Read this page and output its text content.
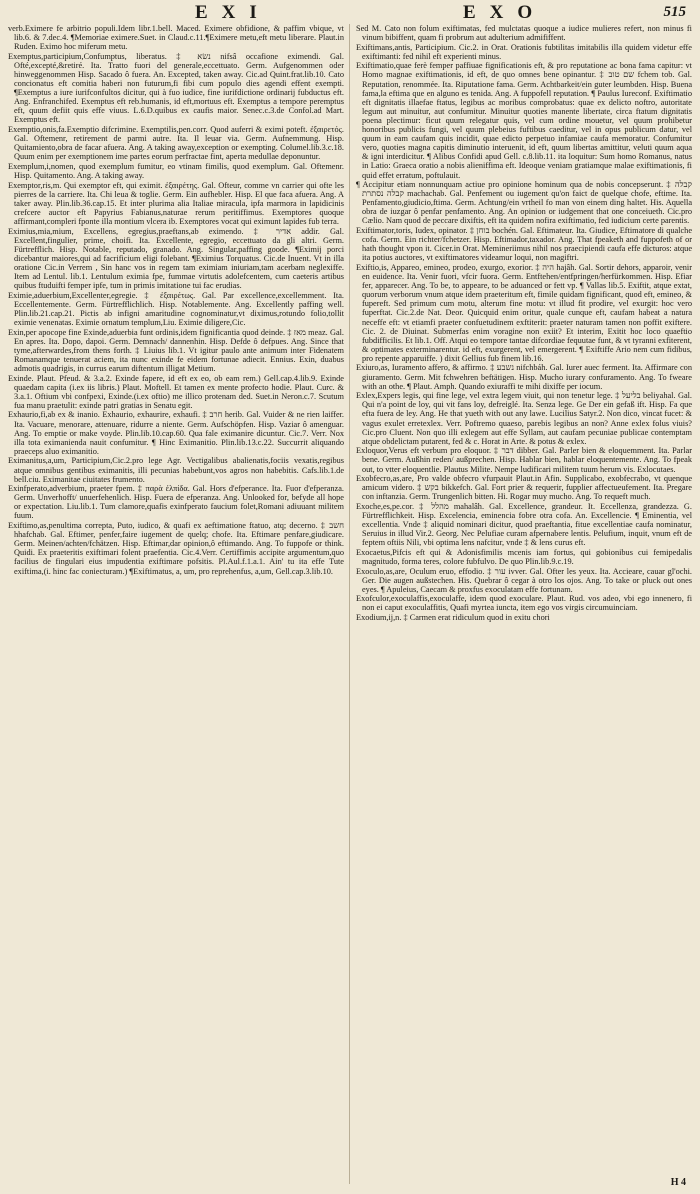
EXI	EXO	515

verb.Eximere fe arbitrio populi.Idem libr.1.bell. Maced. Eximere obfidione, & paffim vbique, vt lib.6. & 7.dec.4. ¶Memoriae eximere.Suet. in Claud.c.11.¶Eximere metu,eft metu liberare. Plaut.in Ruden. Eximo hoc miferum metu.

Exemptus,participium,Confumptus, liberatus. ‡ נשׂא nifsâ occafione eximendi. Gal. Ofté,excepté,&retiré. Ita. Tratto fuori del generale,eccettuato. Germ. Aufgenommen oder hinweggenommen Hisp. Sacado ô fuera. An. Excepted, taken away. Cic.ad Quint.frat.lib.10. Cato concionatus eft comitia haberi non futurum,fi fibi cum populo dies agendi effent exempti. ¶Exemptus a iure iurifconfultos dicitur, qui à fuo iudice, fine iurifdictione ordinarij fubductus eft. Ang. Enfranchifed. Exemptus eft reb.humanis, id eft,mortuus eft. Exemptus a tempore peremptus eft, quum defiit quis effe viuus. L.6.D.quibus ex caufis maior. Senec.c.3.de Confol.ad Mart. Exemptus eft.

Exemptio,onis,fa.Exemptio difcrimine. Exemptilis,pen.corr. Quod auferri & eximi poteft. ἐξαιρετός. Gal. Oftemenr, retirement de parmi autre. Ita. Il leuar via. Germ. Aufnemmung. Hisp. Quitamiento,obra de facar afuera. Ang. A taking away,exception or exempting. Columel.lib.3.c.18. Quum enim per exemptionem ime partes eorum perfractae fint, aperta medullae deponuntur.

Exemplum,i,nomen, quod exemplum fumitur, eo vtinam fimilis, quod exemplum. Gal. Oftemenr. Hisp. Quitamento. Ang. A taking away.

Exemptor,ris,m. Qui exemptor eft, qui eximit. ἐξαιρέτης. Gal. Ofteur, comme vn carrier qui ofte les pierres de la carriere. Ita. Chi leua & toglie. Germ. Ein aufhebler. Hisp. El que faca afuera. Ang. A taker away. Plin.lib.36.cap.15. Et inter plurima alia Italiae miracula, ipfa marmora in lapidicinis crefcere auctor eft Papyrius Fabianus,naturae rerum peritiffimus. Exemptores quoque affirmant,compleri fponte illa montium vlcera ib. Exemptores vocat qui eximunt lapides fub terra.

Eximius,mia,mium, Excellens, egregius,praeftans,ab eximendo. ‡ אדיר addir. Gal. Excellent,fingulier, prime, choifi. Ita. Excellente, egregio, eccettuato da gli altri. Germ. Fürtrefflich. Hisp. Notable, reputado, granado. Ang. Singular,paffing goode. ¶Eximij porci dicebantur maiores,qui ad facrificium eligi folebant. ¶Eximius Torquatus. Cic.de Inuent. Vt in illa oratione Cic.in Verrem , Sin hanc vos in regem tam eximiam iniuriam,tam acerbam neglexiffe. Item ad Lentul. lib.1. Lentulum eximia fpe, fummae virtutis adolefcentem, cum caeteris artibus quibus ftuduifti femper ipfe, tum in primis imitatione tui fac erudias.

Eximie,aduerbium,Excellenter,egregie. ‡ ἐξαιρέτως. Gal. Par excellence,excellemment. Ita. Eccellentemente. Germ. Fürtrefflichlich. Hisp. Notablemente. Ang. Excellently paffing well. Plin.lib.21.cap.21. Pictis ab infigni amaritudine cognominatur,vt diximus,rotundo folio,tollit eximie venenatas. Eximie ornatum templum,Liu. Eximie diligere,Cic.

Exin,per apocope fine Exinde,aduerbia funt ordinis,idem fignificantia quod deinde. ‡ מאז meaz. Gal. En apres. Ita. Dopo, dapoi. Germ. Demnach/ dannenhin. Hisp. Defde ô defpues. Ang. Since that tyme,afterwardes,from thens forth. ‡ Liuius lib.1. Vt igitur paulo ante animum inter Fidenatem Romanamque tenuerat aciem, ita nunc exinde fe eidem fortunae adiecit. Ennius. Exin, duabus admotis quadrigis, in currus earum diftentum illigat Metium.

Exinde. Plaut. Pfeud. & 3.a.2. Exinde fapere, id eft ex eo, ob eam rem.) Gell.cap.4.lib.9. Exinde quaedam capita (i.ex iis libris.) Plaut. Moftell. Et tamen ex mente profecto hodie. Plaut. Curc. & 3.a.1. Oftium vbi confpexi, Exinde.(i.ex oftio) me illico protenam ded. Suet.in Neron.c.7. Scutum fua manu praetulit: exinde patri gratias in Senatu egit.

Exhaurio,fi,ab ex & inanio. Exhaurio, exhaurire, exhaufi. ‡ חרב herib. Gal. Vuider & ne rien laiffer. Ita. Vacuare, menorare, attenuare, ridurre a niente. Germ. Aufschöpfen. Hisp. Vaziar ô amenguar. Ang. To emptie or make voyde. Plin.lib.10.cap.60. Qua fale eximanire dicuntur. Cic.7. Verr. Nox illa tota eximanienda nauit confumitur. ¶ Hinc Eximanitio. Plin.lib.13.c.22. Succurrit aliquando praeceps aluo eximanitio.

Eximanitus,a,um, Participium,Cic.2.pro lege Agr. Vectigalibus abalienatis,fociis vexatis,regibus atque omnibus gentibus eximanitis, illi pecunias habebunt,vos agros non habebitis. Cafs.lib.1.de bell.ciu. Eximanitae ciuitates frumento.

Exinfperato,adverbium, praeter fpem. ‡ παρὰ ἐλπίδα. Gal. Hors d'efperance. Ita. Fuor d'efperanza. Germ. Unverhofft/ unuerfehenlich. Hisp. Fuera de efperanza. Ang. Unlooked for, befyde all hope or expectation. Liu.lib.1. Tum clamore,quafis exinfperato faucium folet,Romani adiuuant militem fuum.

Exiftimo,as,penultima correpta, Puto, iudico, & quafi ex aeftimatione ftatuo, atq; decerno. ‡ חשב hhafchab. Gal. Eftimer, penfer,faire iugement de quelq; chofe. Ita. Eftimare penfare,giudicare. Germ. Meinen/achten/fchätzen. Hisp. Eftimar,dar opinion,ô eftimando. Ang. To fuppofe or think. Quidi. Ex praeteritis exiftimari folent praefentia. Cic.4.Verr. Certiffimis accipite argumentum,quo facilius de fingulari eius impudentia exiftimare pofsitis. Pl.Aul.f.1.a.1. Ain' tu ita effe Tute exiftima,(i. hinc fac coniecturam.) ¶Exiftimatus, a, um, pro reprehenfus, a,um, Gell.cap.3.lib.10.

Sed M. Cato non folum exiftimatas, fed mulctatas quoque a iudice mulieres refert, non minus fi vinum bibiffent, quam fi probrum aut adulterium admififfent.

Exiftimans,antis, Participium. Cic.2. in Orat. Orationis fubtilitas imitabilis illa quidem videtur effe exiftimanti: fed nihil eft experienti minus.

Exiftimatio,quae ferè femper paffiuae fignificationis eft, & pro reputatione ac bona fama capitur: vt Homo magnae exiftimationis, id eft, de quo omnes bene opinantur. ‡ שם טוב fchem tob. Gal. Reputation, renommée. Ita. Riputatione fama. Germ. Achtbarkeit/ein guter leumbden. Hisp. Buena fama,la eftima que en alguno es tenida. Ang. A fuppofell reputation. ¶ Paulus Iureconf. Exiftimatio eft dignitatis illaefae ftatus, legibus ac moribus comprobatus: quae ex delicto noftro, autoritate legum aut minuitur, aut confumitur. Minuitur quoties manente libertate, circa ftatum dignitatis poena plectimur: ficut quum relegatur quis, vel cum ordine mouetur, vel quum prohibetur honoribus publicis fungi, vel quum plebeius fuftibus caeditur, vel in opus publicum datur, vel quum in eam caufam quis incidit, quae edicto perpetuo infamiae caufa memoratur. Confumitur vero, quoties magna capitis diminutio interuenit, id eft, quum libertas amittitur, veluti quum aqua & igni interdicitur. ¶ Alibus Confidi apud Gell. c.8.lib.11. ita loquitur: Sum homo Romanus, natus in Latio: Graeca oratio a nobis alieniffima eft. Ideoque veniam gratiamque malae exiftimationis, fi quid effet erratum, poftulauit.

¶ Accipitur etiam nonnunquam actiue pro opinione hominum qua de nobis concepserunt. ‡ קבלה קבלה נסתרת machachab. Gal. Penfement ou iugement qu'on faict de quelque chofe, eftime. Ita. Penfamento,giudicio,ftima. Germ. Achtung/ein vrtheil fo man von einem ding haltet. His. Aquella obra de iuzgar ô penfar penfamento. Ang. An opinion or iudgement that one conceiueth. Cic.pro Cælio. Nam quod de peccare dixiftis, eft ita quidem nofira exiftimatio, fed iudicium certe parentis.

Exiftimator,toris, Iudex, opinator. ‡ בוחן bochén. Gal. Eftimateur. Ita. Giudice, Eftimatore di qualche cofa. Germ. Ein richter/fchetzer. Hisp. Eftimador,taxador. Ang. That fpeaketh and fuppofeth of or hath thought vpon it. Cicer.in Orat. Memineriimus nihil nos praecipiendi caufa effe dicturos: atque ita potius auctores, vt exiftimatores videamur loqui, non magiftri.

Exiftio,is, Appareo, emineo, prodeo, exurgo, exorior. ‡ היה hajâh. Gal. Sortir dehors, apparoir, venir en euidence. Ita. Venir fuori, vfcir fuora. Germ. Entftehen/entfpringen/herfürkommen. Hisp. Efiar fer, apparecer. Ang. To be, to appeare, to be aduanced or fett vp. ¶ Vallas lib.5. Exiftit, atque extat, quorum verborum vnum atque idem praeteritum eft, fimile quidam fignificant, quod eft, emineo, & fupereft. Sed primum cum motu, alterum fine motu: vt illud fit prodire, vel exurgit: hoc vero fuperftat. Cic.2.de Nat. Deor. Quicquid enim oritur, quale cunque eft, caufam habeat a natura neceffe eft: vt etiamfi praeter confuetudinem exftiterit: praeter naturam tamen non poffit exiftere. Cic. 2. de Diuinat. Submerfas enim voragine non exiit? Et interim, Exitit hoc loco quaeftio fubdifficilis. Et lib.1. Off. Atqui eo tempore tantae difcordiae fequutae funt, & vt tyranni exfiterent, & optimates exterminarentur. id eft, exurgerent, vel emergerent. ¶ Exiftiffe Ario nem cum fidibus, pro repente apparuiffe. ) dixit Gellius fub finem lib.16.

Exiuro,as, Iuramento affero, & affirmo. ‡ נשבע nifchbáh. Gal. Iurer auec ferment. Ita. Affirmare con giuramento. Germ. Mit fchwehren beftätigen. Hisp. Mucho iurary confuramento. Ang. To fweare with an othe. ¶ Plaut. Amph. Quando exiuraffi te mihi dixiffe per iocum.

Exlex,Expers legis, qui fine lege, vel extra legem viuit, qui non tenetur lege. ‡ בליעל beliyahal. Gal. Qui n'a point de loy, qui vit fans loy, defreiglé. Ita. Senza lege. Ge Der ein gefaß ift. Hisp. Fa que efta fuera de ley. Ang. He that yueth with out any lawe. Lucilius Satyr.2. Non dico, vincat fucet: & vagus exulet erretexlex. Verr. Poftremo quaeso, parebis legibus an non? Anne exlex folus viuis? Cic.pro Cluent. Non quo illi exlegem aut effe Syllam, aut caufam pecuniae publicae contemptam atque obdelictam putarent, fed & c. Horat in Arte. & potus & exlex.

Exloquor,Verus eft verbum pro eloquor. ‡ דבר dibber. Gal. Parler bien & eloquemment. Ita. Parlar bene. Germ. Außhin reden/ außprechen. Hisp. Hablar bien, hablar eloquentemente. Ang. To fpeak out, to vtter eloquentlie. Plautus Milite. Nempe ludificari militem tuum herum vis. Exlocutaes.

Exobfecro,as,are, Pro valde obfecro vfurpauit Plaut.in Afin. Supplicabo, exobfecrabo, vt quenque amicum videro. ‡ בקש bikkefch. Gal. Fort prier & requerir, fupplier affectueufement. Ita. Pregare con inftanzia. Germ. Trungenlich bitten. Hi. Rogar muy mucho. Ang. To requeft much.

Exoche,es,pe.cor. ‡ מהלל mahalâh. Gal. Excellence, grandeur. It. Eccellenza, grandezza. G. Fürtrefflichkeit. Hisp. Excelencia, eminencia fobre otra cofa. An. Excellencie. ¶ Eminentia, vel excellentia. Vnde ‡ aliquid nominari dicitur, quod praeftantia, fitue excellentiae caufa nominatur, Seruius in illud Vir.2. Georg. Nec Pelufiae curam afpernabere lentis. Pelufium, inquit, vnum eft de feptem oftiis Nili, vbi optima lens nafcitur, vnde ‡ & lens curus eft.

Exocaetus,Pifcis eft qui & Adonisfimilis mcenis iam fortus, qui gobionibus cui femipedalis magnitudo, forma teres, colore fubfulvo. De quo Plin.lib.9.c.19.

Exoculo,as,are, Oculum eruo, effodio. ‡ עור ivver. Gal. Ofter les yeux. Ita. Accieare, cauar gl'ochi. Ger. Die augen außstechen. His. Quebrar ô cegar à otro los ojos. Ang. To take or pluck out ones eyes. ¶ Apuleius, Caecam & proxfus exoculatam effe fortunam.

Exofculor,exoculaffis,exoculaffe, idem quod exoculare. Plaut. Rud. vos adeo, vbi ego innenero, fi non ei caput exoculaffitis, Quafi myrtea iuncta, item ego vos virgis circumuinciam.

Exodium,ij,n. ‡ Carmen erat ridiculum quod in exitu chori

H 4
